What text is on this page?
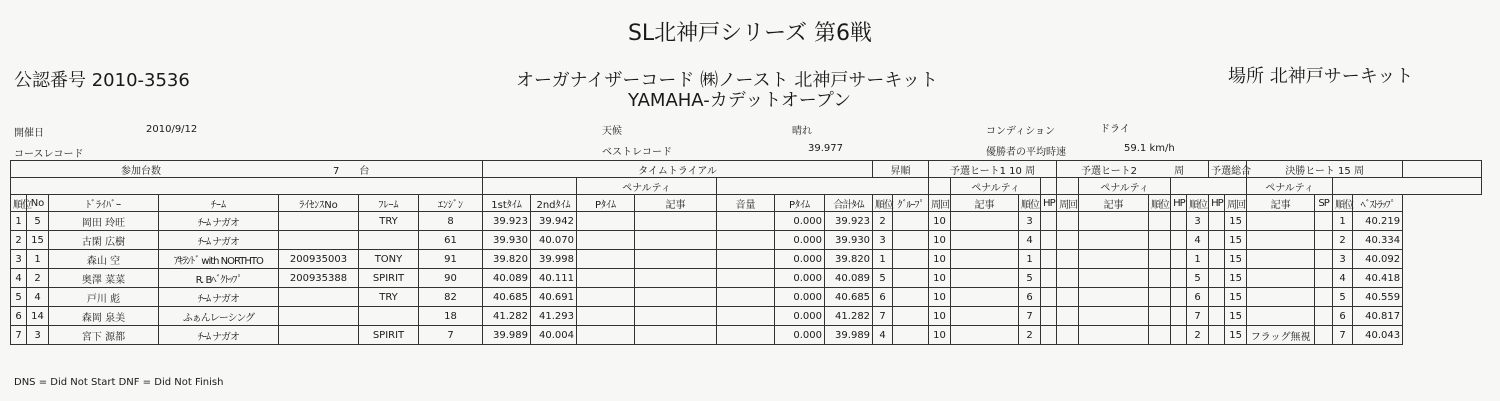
SL北神戸シリーズ 第6戦
公認番号 2010-3536	オーガナイザーコード ㈱ノースト 北神戸サーキット
YAMAHA-カデットオープン
場所 北神戸サーキット
開催日	2010/9/12
コースレコード
天候	晴れ
ベストレコード	39.977
コンディション	ドライ
優勝者の平均時速	59.1 km/h
参加台数 7 台							タイムトライアル							昇順		予選ヒート1 10 周				予選ヒート2 周					予選総合		決勝ヒート 15 周				
									ペナルティ								ペナルティ				ペナルティ						ペナルティ				
順位	No	ﾄﾞﾗｲﾊﾞｰ	ﾁｰﾑ	ﾗｲｾﾝｽNo	ﾌﾚｰﾑ	ｴﾝｼﾞﾝ	1stﾀｲﾑ	2ndﾀｲﾑ	Pﾀｲﾑ	記事	音量	Pﾀｲﾑ	合計ﾀｲﾑ	順位	ｸﾞﾙｰﾌﾟ	周回	記事	順位	HP	周回	記事	順位	HP	順位	HP	周回	記事	SP	順位	ﾍﾞｽﾄﾗｯﾌﾟ	
1	5	岡田 玲旺	ﾁｰﾑ ナガオ		TRY	8	39.923	39.942				0.000	39.923	2		10		3						3		15			1	40.219	
2	15	古閑 広樹	ﾁｰﾑ ナガオ			61	39.930	40.070				0.000	39.930	3		10		4						4		15			2	40.334	
3	1	森山 空	ｱｷﾗﾝﾄﾞ with NORTHTO	200935003	TONY	91	39.820	39.998				0.000	39.820	1		10		1						1		15			3	40.092	
4	2	奥澤 菜菜	R. Bﾍﾞｸﾄｯﾌﾟ	200935388	SPIRIT	90	40.089	40.111				0.000	40.089	5		10		5						5		15			4	40.418	
5	4	戸川 彪	ﾁｰﾑ ナガオ		TRY	82	40.685	40.691				0.000	40.685	6		10		6						6		15			5	40.559	
6	14	森岡 泉美	ふぁんレーシング			18	41.282	41.293				0.000	41.282	7		10		7						7		15			6	40.817	
7	3	宮下 源都	ﾁｰﾑ ナガオ		SPIRIT	7	39.989	40.004				0.000	39.989	4		10		2						2		15	フラッグ無視		7	40.043	
DNS = Did Not Start DNF = Did Not Finish
